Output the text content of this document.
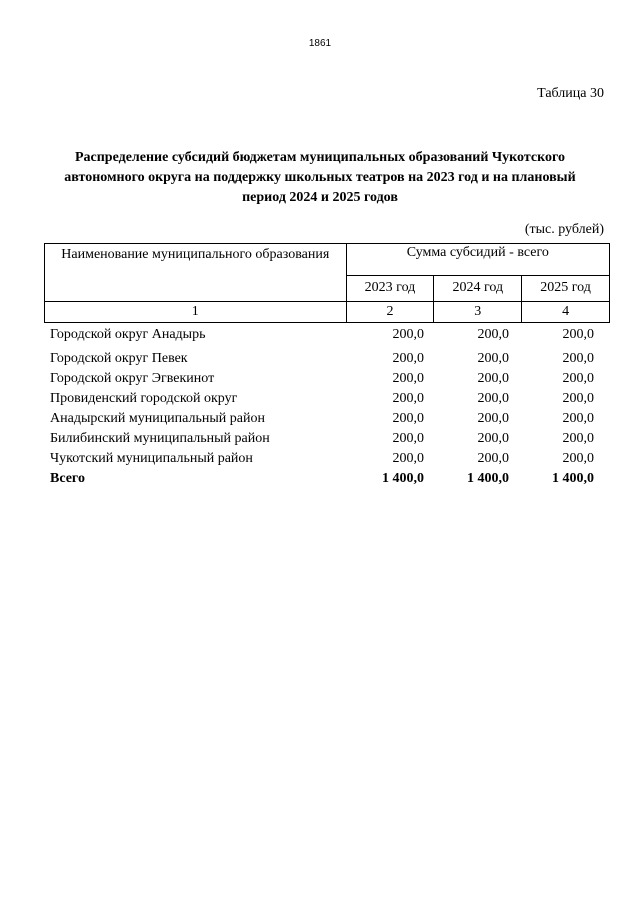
1861
Таблица 30
Распределение субсидий бюджетам муниципальных образований Чукотского автономного округа на поддержку школьных театров на 2023 год и на плановый период 2024 и 2025 годов
(тыс. рублей)
Наименование муниципального образования	Сумма субсидий - всего		
	2023 год	2024 год	2025 год
1	2	3	4
Городской округ Анадырь	200,0	200,0	200,0
Городской округ Певек	200,0	200,0	200,0
Городской округ Эгвекинот	200,0	200,0	200,0
Провиденский городской округ	200,0	200,0	200,0
Анадырский муниципальный район	200,0	200,0	200,0
Билибинский муниципальный район	200,0	200,0	200,0
Чукотский муниципальный район	200,0	200,0	200,0
Всего	1 400,0	1 400,0	1 400,0
